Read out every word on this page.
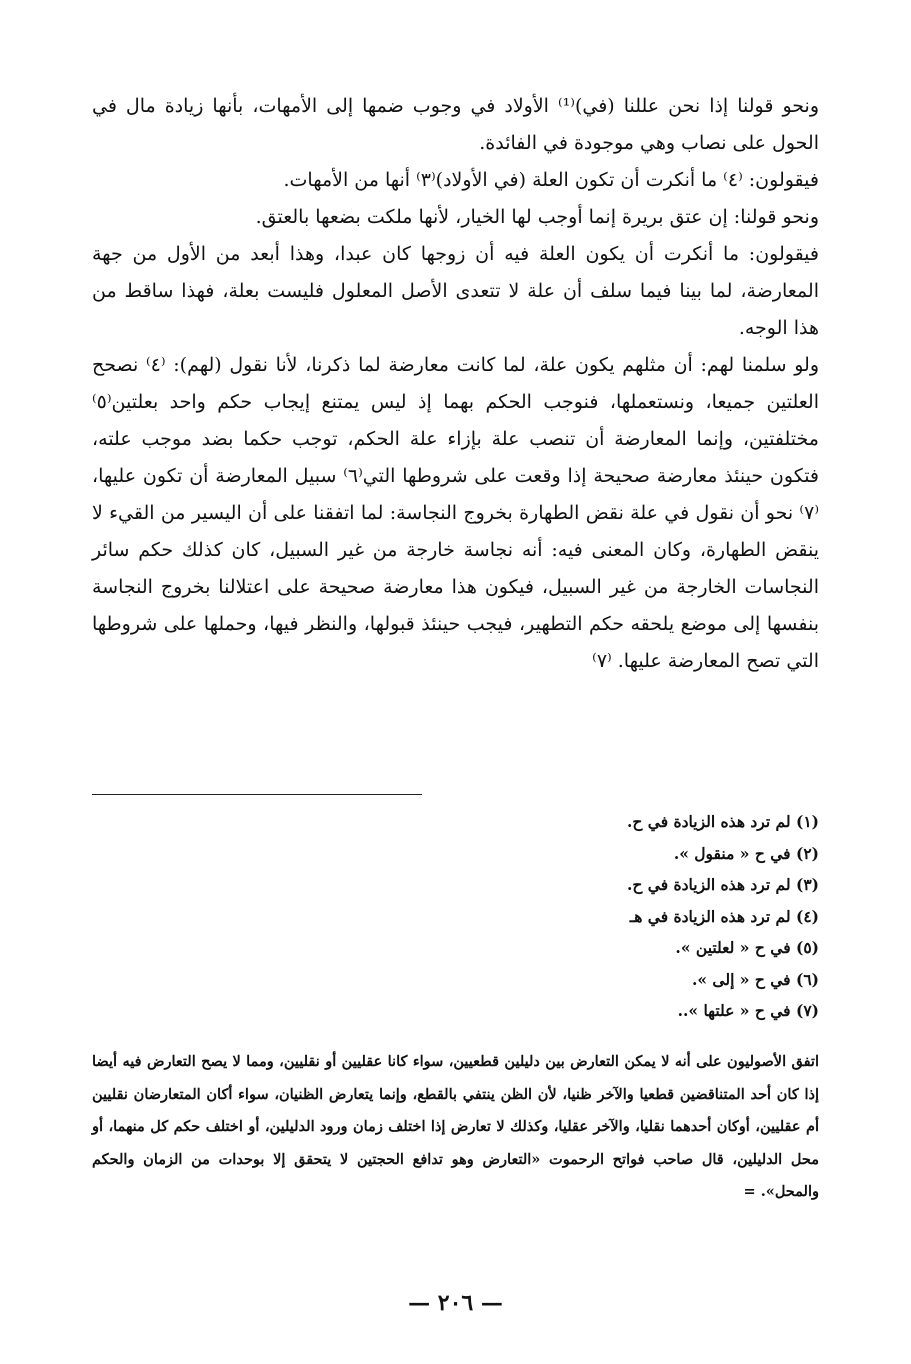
ونحو قولنا إذا نحن عللنا (في)⁽¹⁾ الأولاد في وجوب ضمها إلى الأمهات، بأنها زيادة مال في الحول على نصاب وهي موجودة في الفائدة.

فيقولون: ⁽٤⁾ ما أنكرت أن تكون العلة (في الأولاد)⁽٣⁾ أنها من الأمهات.

ونحو قولنا: إن عتق بريرة إنما أوجب لها الخيار، لأنها ملكت بضعها بالعتق.

فيقولون: ما أنكرت أن يكون العلة فيه أن زوجها كان عبدا، وهذا أبعد من الأول من جهة المعارضة، لما بينا فيما سلف أن علة لا تتعدى الأصل المعلول فليست بعلة، فهذا ساقط من هذا الوجه.

ولو سلمنا لهم: أن مثلهم يكون علة، لما كانت معارضة لما ذكرنا، لأنا نقول (لهم): ⁽٤⁾ نصحح العلتين جميعا، ونستعملها، فنوجب الحكم بهما إذ ليس يمتنع إيجاب حكم واحد بعلتين⁽٥⁾ مختلفتين، وإنما المعارضة أن تنصب علة بإزاء علة الحكم، توجب حكما بضد موجب علته، فتكون حينئذ معارضة صحيحة إذا وقعت على شروطها التي⁽٦⁾ سبيل المعارضة أن تكون عليها، ⁽٧⁾ نحو أن نقول في علة نقض الطهارة بخروج النجاسة: لما اتفقنا على أن اليسير من القيء لا ينقض الطهارة، وكان المعنى فيه: أنه نجاسة خارجة من غير السبيل، كان كذلك حكم سائر النجاسات الخارجة من غير السبيل، فيكون هذا معارضة صحيحة على اعتلالنا بخروج النجاسة بنفسها إلى موضع يلحقه حكم التطهير، فيجب حينئذ قبولها، والنظر فيها، وحملها على شروطها التي تصح المعارضة عليها. ⁽٧⁾

(١) لم ترد هذه الزيادة في ح.

(٢) في ح « منقول ».

(٣) لم ترد هذه الزيادة في ح.

(٤) لم ترد هذه الزيادة في هـ

(٥) في ح « لعلتين ».

(٦) في ح « إلى ».

(٧) في ح « علتها »..

اتفق الأصوليون على أنه لا يمكن التعارض بين دليلين قطعيين، سواء كانا عقليين أو نقليين، ومما لا يصح التعارض فيه أيضا إذا كان أحد المتناقضين قطعيا والآخر ظنيا، لأن الظن ينتفي بالقطع، وإنما يتعارض الظنيان، سواء أكان المتعارضان نقليين أم عقليين، أوكان أحدهما نقليا، والآخر عقليا، وكذلك لا تعارض إذا اختلف زمان ورود الدليلين، أو اختلف حكم كل منهما، أو محل الدليلين، قال صاحب فواتح الرحموت «التعارض وهو تدافع الحجتين لا يتحقق إلا بوحدات من الزمان والحكم والمحل». =

— ٢٠٦ —
